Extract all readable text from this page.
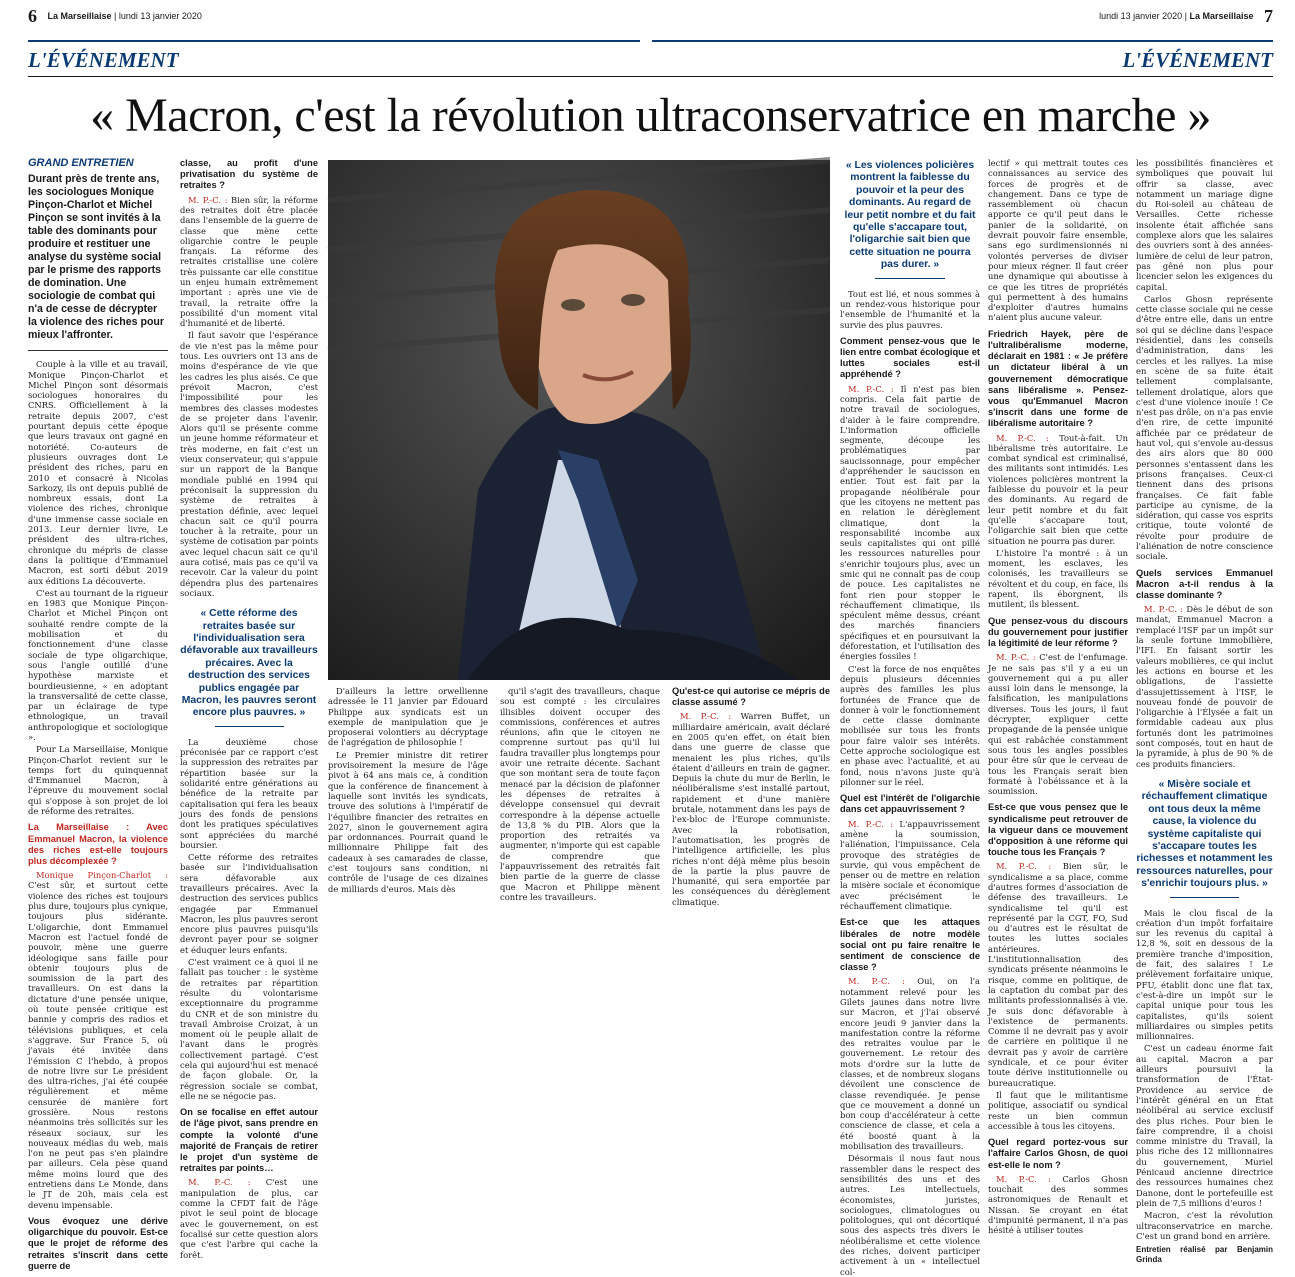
6 La Marseillaise | lundi 13 janvier 2020	lundi 13 janvier 2020 | La Marseillaise 7
L'ÉVÉNEMENT	L'ÉVÉNEMENT
« Macron, c'est la révolution ultraconservatrice en marche »
GRAND ENTRETIEN
Durant près de trente ans, les sociologues Monique Pinçon-Charlot et Michel Pinçon se sont invités à la table des dominants pour produire et restituer une analyse du système social par le prisme des rapports de domination. Une sociologie de combat qui n'a de cesse de décrypter la violence des riches pour mieux l'affronter.

Couple à la ville et au travail, Monique Pinçon-Charlot et Michel Pinçon sont désormais sociologues honoraires du CNRS. Officiellement à la retraite depuis 2007, c'est pourtant depuis cette époque que leurs travaux ont gagné en notoriété. Co-auteurs de plusieurs ouvrages dont Le président des riches, paru en 2010 et consacré à Nicolas Sarkozy, ils ont depuis publié de nombreux essais, dont La violence des riches, chronique d'une immense casse sociale en 2013. Leur dernier livre, Le président des ultra-riches, chronique du mépris de classe dans la politique d'Emmanuel Macron, est sorti début 2019 aux éditions La découverte.

C'est au tournant de la rigueur en 1983 que Monique Pinçon-Charlot et Michel Pinçon ont souhaité rendre compte de la mobilisation et du fonctionnement d'une classe sociale de type oligarchique, sous l'angle outillé d'une hypothèse marxiste et bourdieusienne, « en adoptant la transversalité de cette classe, par un éclairage de type ethnologique, un travail anthropologique et sociologique ».

Pour La Marseillaise, Monique Pinçon-Charlot revient sur le temps fort du quinquennat d'Emmanuel Macron, à l'épreuve du mouvement social qui s'oppose à son projet de loi de réforme des retraites.

La Marseillaise : Avec Emmanuel Macron, la violence des riches est-elle toujours plus décomplexée ?

Monique Pinçon-Charlot : C'est sûr, et surtout cette violence des riches est toujours plus dure, toujours plus cynique, toujours plus sidérante. L'oligarchie, dont Emmanuel Macron est l'actuel fondé de pouvoir, mène une guerre idéologique sans faille pour obtenir toujours plus de soumission de la part des travailleurs. On est dans la dictature d'une pensée unique, où toute pensée critique est bannie y compris des radios et télévisions publiques, et cela s'aggrave. Sur France 5, où j'avais été invitée dans l'émission C l'hebdo, à propos de notre livre sur Le président des ultra-riches, j'ai été coupée régulièrement et même censurée de manière fort grossière. Nous restons néanmoins très sollicités sur les réseaux sociaux, sur les nouveaux médias du web, mais l'on ne peut pas s'en plaindre par ailleurs. Cela pèse quand même moins lourd que des entretiens dans Le Monde, dans le JT de 20h, mais cela est devenu impensable.

Vous évoquez une dérive oligarchique du pouvoir. Est-ce que le projet de réforme des retraites s'inscrit dans cette guerre de
classe, au profit d'une privatisation du système de retraites ?

M. P.-C. : Bien sûr, la réforme des retraites doit être placée dans l'ensemble de la guerre de classe que mène cette oligarchie contre le peuple français. La réforme des retraites cristallise une colère très puissante car elle constitue un enjeu humain extrêmement important : après une vie de travail, la retraite offre la possibilité d'un moment vital d'humanité et de liberté.

Il faut savoir que l'espérance de vie n'est pas la même pour tous. Les ouvriers ont 13 ans de moins d'espérance de vie que les cadres les plus aisés. Ce que prévoit Macron, c'est l'impossibilité pour les membres des classes modestes de se projeter dans l'avenir. Alors qu'il se présente comme un jeune homme réformateur et très moderne, en fait c'est un vieux conservateur, qui s'appuie sur un rapport de la Banque mondiale publié en 1994 qui préconisait la suppression du système de retraites à prestation définie, avec lequel chacun sait ce qu'il pourra toucher à la retraite, pour un système de cotisation par points avec lequel chacun sait ce qu'il aura cotisé, mais pas ce qu'il va recevoir. Car la valeur du point dépendra plus des partenaires sociaux.

« Cette réforme des retraites basée sur l'individualisation sera défavorable aux travailleurs précaires. Avec la destruction des services publics engagée par Macron, les pauvres seront encore plus pauvres. »

La deuxième chose préconisée par ce rapport c'est la suppression des retraites par répartition basée sur la solidarité entre générations au bénéfice de la retraite par capitalisation qui fera les beaux jours des fonds de pensions dont les pratiques spéculatives sont appréciées du marché boursier.

Cette réforme des retraites basée sur l'individualisation sera défavorable aux travailleurs précaires. Avec la destruction des services publics engagée par Emmanuel Macron, les plus pauvres seront encore plus pauvres puisqu'ils devront payer pour se soigner et éduquer leurs enfants.

C'est vraiment ce à quoi il ne fallait pas toucher : le système de retraites par répartition résulte du volontarisme exceptionnaire du programme du CNR et de son ministre du travail Ambroise Croizat, à un moment où le peuple allait de l'avant dans le progrès collectivement partagé. C'est cela qui aujourd'hui est menacé de façon globale. Or, la régression sociale se combat, elle ne se négocie pas.

On se focalise en effet autour de l'âge pivot, sans prendre en compte la volonté d'une majorité de Français de retirer le projet d'un système de retraites par points…

M. P.-C. : C'est une manipulation de plus, car comme la CFDT fait de l'âge pivot le seul point de blocage avec le gouvernement, on est focalisé sur cette question alors que c'est l'arbre qui cache la forêt.

D'ailleurs la lettre orwellienne adressée le 11 janvier par Édouard Philippe aux syndicats est un exemple de manipulation que je proposerai volontiers au décryptage de l'agrégation de philosophie !

Le Premier ministre dit retirer provisoirement la mesure de l'âge pivot à 64 ans mais ce, à condition que la conférence de financement à laquelle sont invités les syndicats, trouve des solutions à l'impératif de l'équilibre financier des retraites en 2027, sinon le gouvernement agira par ordonnances. Pourrait quand le millionnaire Philippe fait des cadeaux à ses camarades de classe, c'est toujours sans condition, ni contrôle de l'usage de ces dizaines de milliards d'euros. Mais dès

qu'il s'agit des travailleurs, chaque sou est compté : les circulaires illisibles doivent occuper des commissions, conférences et autres réunions, afin que le citoyen ne comprenne surtout pas qu'il lui faudra travailler plus longtemps pour avoir une retraite décente. Sachant que son montant sera de toute façon menacé par la décision de plafonner les dépenses de retraites à développe consensuel qui devrait correspondre à la dépense actuelle de 13,8 % du PIB. Alors que la proportion des retraités va augmenter, n'importe qui est capable de comprendre que l'appauvrissement des retraités fait bien partie de la guerre de classe que Macron et Philippe mènent contre les travailleurs.

Qu'est-ce qui autorise ce mépris de classe assumé ?

M. P.-C. : Warren Buffet, un milliardaire américain, avait déclaré en 2005 qu'en effet, on était bien dans une guerre de classe que menaient les plus riches, qu'ils étaient d'ailleurs en train de gagner. Depuis la chute du mur de Berlin, le néolibéralisme s'est installé partout, rapidement et d'une manière brutale, notamment dans les pays de l'ex-bloc de l'Europe communiste. Avec la robotisation, l'automatisation, les progrès de l'intelligence artificielle, les plus riches n'ont déjà même plus besoin de la partie la plus pauvre de l'humanité, qui sera emportée par les conséquences du dérèglement climatique.

« Les violences policières montrent la faiblesse du pouvoir et la peur des dominants. Au regard de leur petit nombre et du fait qu'elle s'accapare tout, l'oligarchie sait bien que cette situation ne pourra pas durer. »

Tout est lié, et nous sommes à un rendez-vous historique pour l'ensemble de l'humanité et la survie des plus pauvres.

Comment pensez-vous que le lien entre combat écologique et luttes sociales est-il appréhendé ?

M. P.-C. : Il n'est pas bien compris. Cela fait partie de notre travail de sociologues, d'aider à le faire comprendre. L'information officielle segmente, découpe les problématiques par saucissonnage, pour empêcher d'appréhender le saucisson en entier. Tout est fait par la propagande néolibérale pour que les citoyens ne mettent pas en relation le dérèglement climatique, dont la responsabilité incombe aux seuls capitalistes qui ont pillé les ressources naturelles pour s'enrichir toujours plus, avec un smic qui ne connaît pas de coup de pouce. Les capitalistes ne font rien pour stopper le réchauffement climatique, ils spéculent même dessus, créant des marchés financiers spécifiques et en poursuivant la déforestation, et l'utilisation des énergies fossiles !

C'est la force de nos enquêtes depuis plusieurs décennies auprès des familles les plus fortunées de France que de donner à voir le fonctionnement de cette classe dominante mobilisée sur tous les fronts pour faire valoir ses intérêts. Cette approche sociologique est en phase avec l'actualité, et au fond, nous n'avons juste qu'à pilonner sur le réel.

Quel est l'intérêt de l'oligarchie dans cet appauvrissement ?

M. P.-C. : L'appauvrissement amène la soumission, l'aliénation, l'impuissance. Cela provoque des stratégies de survie, qui vous empêchent de penser ou de mettre en relation la misère sociale et économique avec précisément le réchauffement climatique.

Est-ce que les attaques libérales de notre modèle social ont pu faire renaître le sentiment de conscience de classe ?

M. P.-C. : Oui, on l'a notamment relevé pour les Gilets jaunes dans notre livre sur Macron, et j'l'ai observé encore jeudi 9 janvier dans la manifestation contre la réforme des retraites voulue par le gouvernement. Le retour des mots d'ordre sur la lutte de classes, et de nombreux slogans dévoilent une conscience de classe revendiquée. Je pense que ce mouvement a donné un bon coup d'accélérateur à cette conscience de classe, et cela a été boosté quant à la mobilisation des travailleurs.

Désormais il nous faut nous rassembler dans le respect des sensibilités des uns et des autres. Les intellectuels, économistes, juristes, sociologues, climatologues ou politologues, qui ont décortiqué sous des aspects très divers le néolibéralisme et cette violence des riches, doivent participer activement à un « intellectuel col-

lectif » qui mettrait toutes ces connaissances au service des forces de progrès et de changement. Dans ce type de rassemblement où chacun apporte ce qu'il peut dans le panier de la solidarité, on devrait pouvoir faire ensemble, sans ego surdimensionnés ni volontés perverses de diviser pour mieux régner. Il faut créer une dynamique qui aboutisse à ce que les titres de propriétés qui permettent à des humains d'exploiter d'autres humains n'aient plus aucune valeur.

Friedrich Hayek, père de l'ultralibéralisme moderne, déclarait en 1981 : « Je préfère un dictateur libéral à un gouvernement démocratique sans libéralisme ». Pensez-vous qu'Emmanuel Macron s'inscrit dans une forme de libéralisme autoritaire ?

M. P.-C. : Tout-à-fait. Un libéralisme très autoritaire. Le combat syndical est criminalisé, des militants sont intimidés. Les violences policières montrent la faiblesse du pouvoir et la peur des dominants. Au regard de leur petit nombre et du fait qu'elle s'accapare tout, l'oligarchie sait bien que cette situation ne pourra pas durer.

L'histoire l'a montré : à un moment, les esclaves, les colonisés, les travailleurs se révoltent et du coup, en face, ils rapent, ils éborgnent, ils mutilent, ils blessent.

Que pensez-vous du discours du gouvernement pour justifier la légitimité de leur réforme ?

M. P.-C. : C'est de l'enfumage. Je ne sais pas s'il y a eu un gouvernement qui a pu aller aussi loin dans le mensonge, la falsification, les manipulations diverses. Tous les jours, il faut décrypter, expliquer cette propagande de la pensée unique qui est rabâchée constamment sous tous les angles possibles pour être sûr que le cerveau de tous les Français serait bien formaté à l'obéissance et à la soumission.

Est-ce que vous pensez que le syndicalisme peut retrouver de la vigueur dans ce mouvement d'opposition à une réforme qui touche tous les Français ?

M. P.-C. : Bien sûr, le syndicalisme a sa place, comme d'autres formes d'association de défense des travailleurs. Le syndicalisme tel qu'il est représenté par la CGT, FO, Sud ou d'autres est le résultat de toutes les luttes sociales antérieures. L'institutionnalisation des syndicats présente néanmoins le risque, comme en politique, de la captation du combat par des militants professionnalisés à vie. Je suis donc défavorable à l'existence de permanents. Comme il ne devrait pas y avoir de carrière en politique il ne devrait pas y avoir de carrière syndicale, et ce pour éviter toute dérive institutionnelle ou bureaucratique.

Il faut que le militantisme politique, associatif ou syndical reste un bien commun accessible à tous les citoyens.

Quel regard portez-vous sur l'affaire Carlos Ghosn, de quoi est-elle le nom ?

M. P.-C. : Carlos Ghosn touchait des sommes astronomiques de Renault et Nissan. Se croyant en état d'impunité permanent, il n'a pas hésité à utiliser toutes

les possibilités financières et symboliques que pouvait lui offrir sa classe, avec notamment un mariage digne du Roi-soleil au château de Versailles. Cette richesse insolente était affichée sans complexe alors que les salaires des ouvriers sont à des années-lumière de celui de leur patron, pas gêné non plus pour licencier selon les exigences du capital.

Carlos Ghosn représente cette classe sociale qui ne cesse d'être entre elle, dans un entre soi qui se décline dans l'espace résidentiel, dans les conseils d'administration, dans les cercles et les rallyes. La mise en scène de sa fuite était tellement complaisante, tellement drolatique, alors que c'est d'une violence inouïe ! Ce n'est pas drôle, on n'a pas envie d'en rire, de cette impunité affichée par ce prédateur de haut vol, qui s'envole au-dessus des airs alors que 80 000 personnes s'entassent dans les prisons françaises. Ceux-ci tiennent dans des prisons françaises. Ce fait fable participe au cynisme, de la sidération, qui casse vos esprits critique, toute volonté de révolte pour produire de l'aliénation de notre conscience sociale.

Quels services Emmanuel Macron a-t-il rendus à la classe dominante ?

M. P.-C. : Dès le début de son mandat, Emmanuel Macron a remplacé l'ISF par un impôt sur la seule fortune immobilière, l'IFI. En faisant sortir les valeurs mobilières, ce qui inclut les actions en bourse et les obligations, de l'assiette d'assujettissement à l'ISF, le nouveau fondé de pouvoir de l'oligarchie à l'Élysée a fait un formidable cadeau aux plus fortunés dont les patrimoines sont composés, tout en haut de la pyramide, à plus de 90 % de ces produits financiers.

« Misère sociale et réchauffement climatique ont tous deux la même cause, la violence du système capitaliste qui s'accapare toutes les richesses et notamment les ressources naturelles, pour s'enrichir toujours plus. »

Mais le clou fiscal de la création d'un impôt forfaitaire sur les revenus du capital à 12,8 %, soit en dessous de la première tranche d'imposition, de fait, des salaires ! Le prélèvement forfaitaire unique, PFU, établit donc une flat tax, c'est-à-dire un impôt sur le capital unique pour tous les capitalistes, qu'ils soient milliardaires ou simples petits millionnaires.

C'est un cadeau énorme fait au capital. Macron a par ailleurs poursuivi la transformation de l'État-Providence au service de l'intérêt général en un État néolibéral au service exclusif des plus riches. Pour bien le faire comprendre, il a choisi comme ministre du Travail, la plus riche des 12 millionnaires du gouvernement, Muriel Pénicaud ancienne directrice des ressources humaines chez Danone, dont le portefeuille est plein de 7,5 millions d'euros !

Macron, c'est la révolution ultraconservatrice en marche. C'est un grand bond en arrière.

Entretien réalisé par Benjamin Grinda
